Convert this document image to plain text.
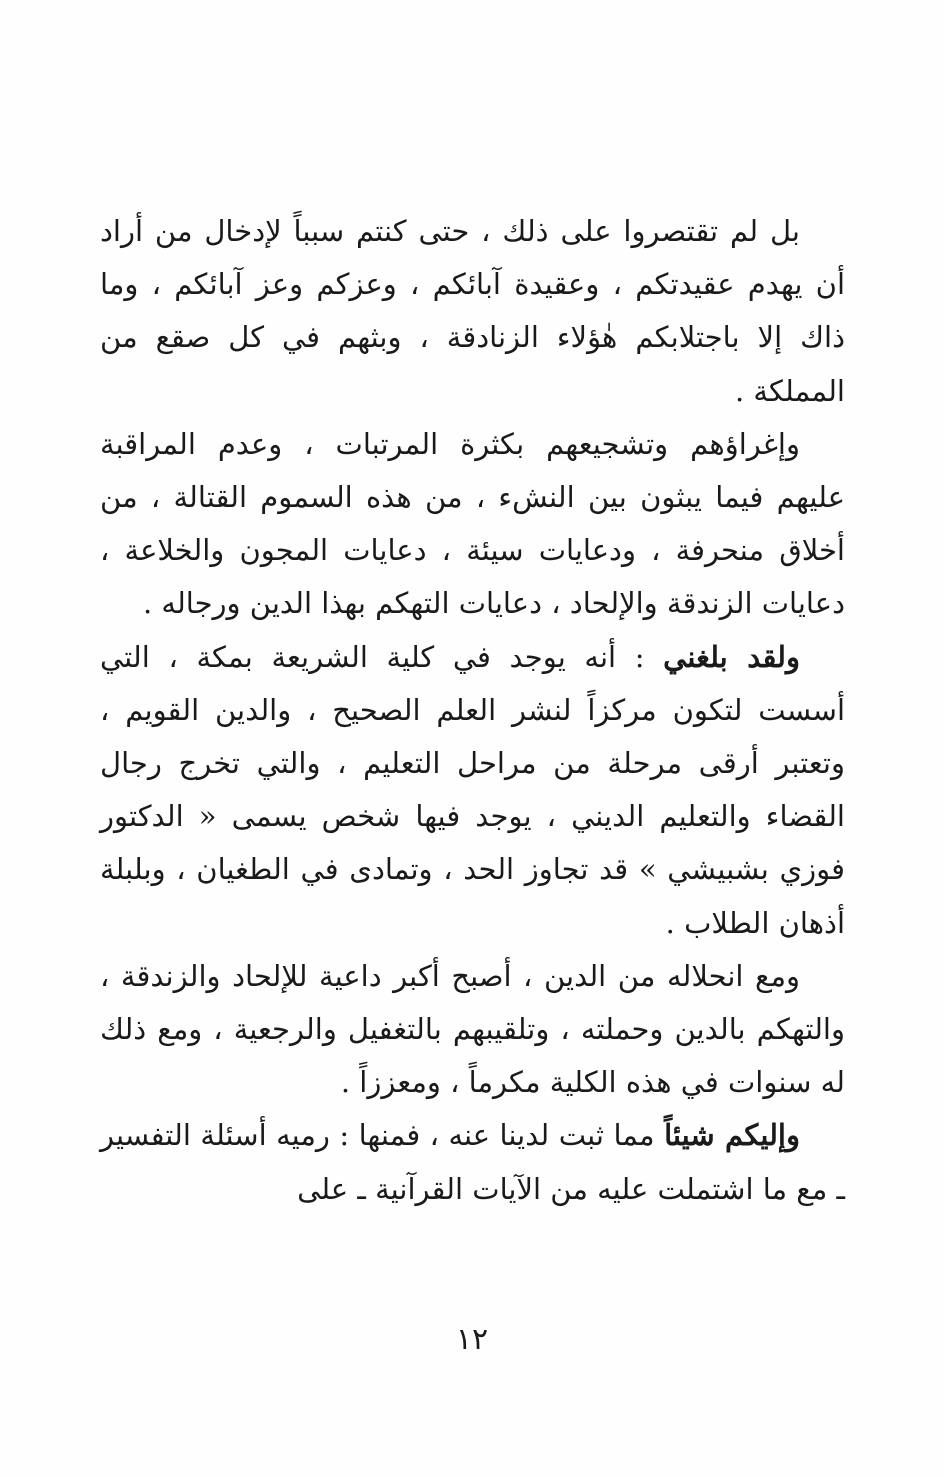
بل لم تقتصروا على ذلك ، حتى كنتم سبباً لإدخال من أراد أن يهدم عقيدتكم ، وعقيدة آبائكم ، وعزكم وعز آبائكم ، وما ذاك إلا باجتلابكم هٰؤلاء الزنادقة ، وبثهم في كل صقع من المملكة .

وإغراؤهم وتشجيعهم بكثرة المرتبات ، وعدم المراقبة عليهم فيما يبثون بين النشء ، من هذه السموم القتالة ، من أخلاق منحرفة ، ودعايات سيئة ، دعايات المجون والخلاعة ، دعايات الزندقة والإلحاد ، دعايات التهكم بهذا الدين ورجاله .

ولقد بلغني : أنه يوجد في كلية الشريعة بمكة ، التي أسست لتكون مركزاً لنشر العلم الصحيح ، والدين القويم ، وتعتبر أرقى مرحلة من مراحل التعليم ، والتي تخرج رجال القضاء والتعليم الديني ، يوجد فيها شخص يسمى « الدكتور فوزي بشبيشي » قد تجاوز الحد ، وتمادى في الطغيان ، وبلبلة أذهان الطلاب .

ومع انحلاله من الدين ، أصبح أكبر داعية للإلحاد والزندقة ، والتهكم بالدين وحملته ، وتلقيبهم بالتغفيل والرجعية ، ومع ذلك له سنوات في هذه الكلية مكرماً ، ومعززاً .

وإليكم شيئاً مما ثبت لدينا عنه ، فمنها : رميه أسئلة التفسير ـ مع ما اشتملت عليه من الآيات القرآنية ـ على

١٢
